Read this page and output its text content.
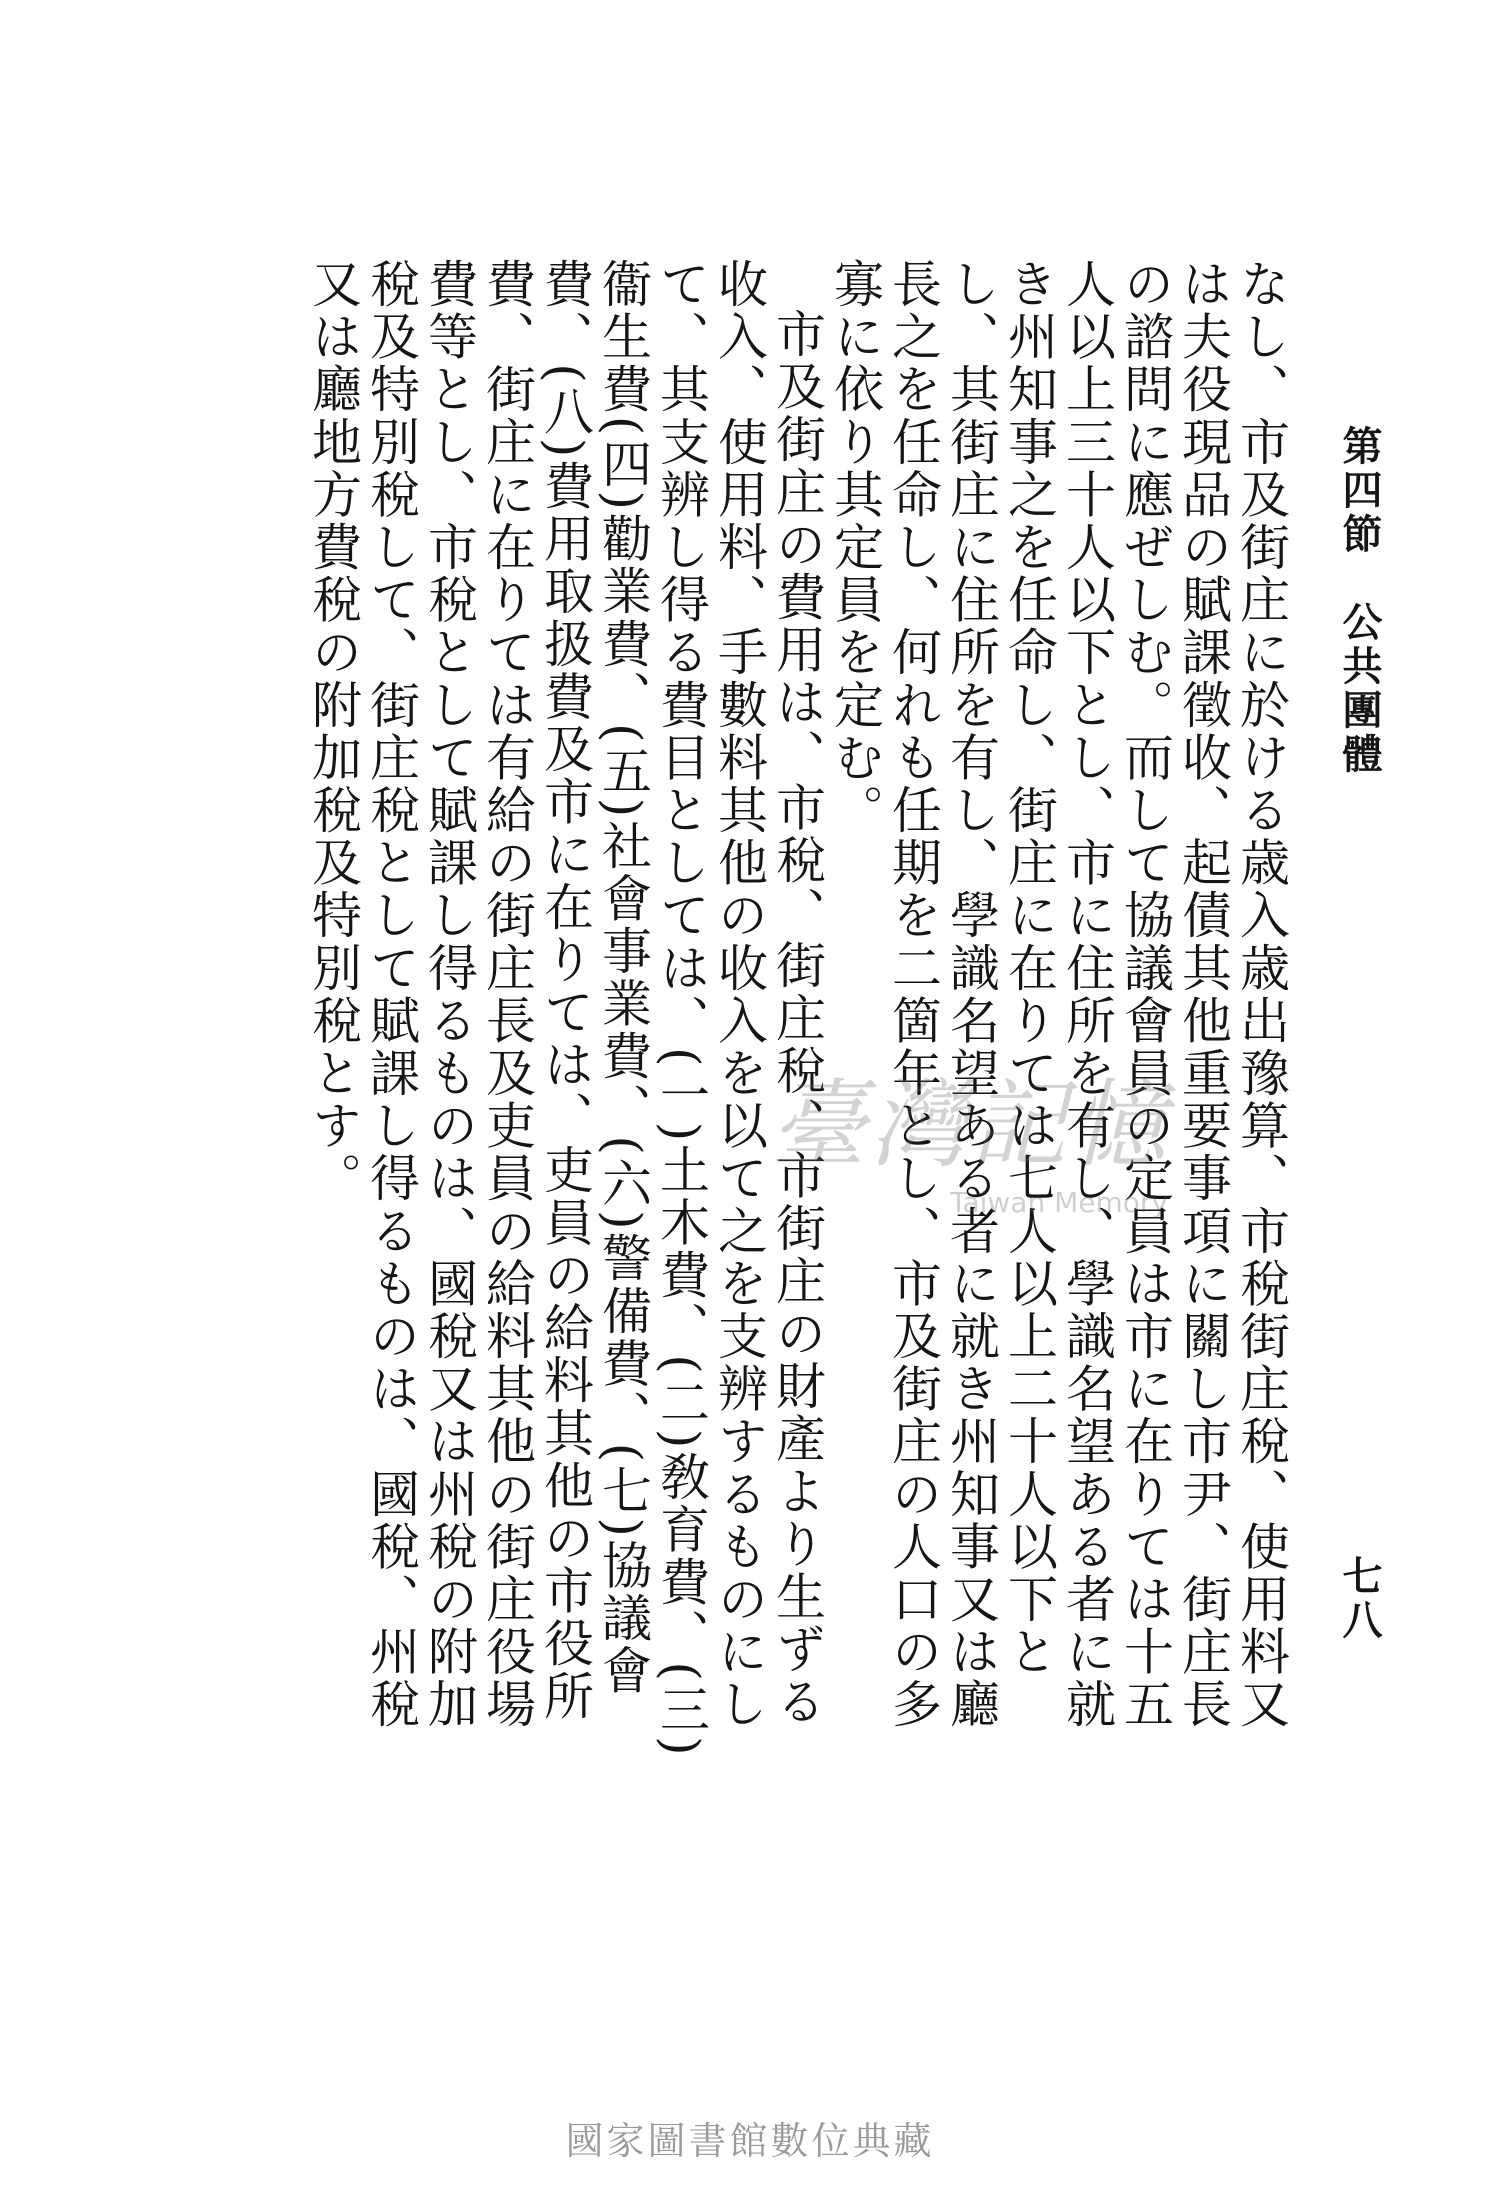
第四節　公共團體
七八

なし、市及街庄に於ける歳入歳出豫算、市稅街庄稅、使用料又は夫役現品の賦課徵收、起債其他重要事項に關し市尹、街庄長の諮問に應ぜしむ。而して協議會員の定員は市に在りては十五人以上三十人以下とし、市に住所を有し、學識名望ある者に就き州知事之を任命し、街庄に在りては七人以上二十人以下とし、其街庄に住所を有し、學識名望ある者に就き州知事又は廳長之を任命し、何れも任期を二箇年とし、市及街庄の人口の多寡に依り其定員を定む。

市及街庄の費用は、市稅、街庄稅、市街庄の財產より生ずる收入、使用料、手數料其他の收入を以て之を支辨するものにして、其支辨し得る費目としては、(一)土木費、(二)敎育費、(三)衞生費(四)勸業費、(五)社會事業費、(六)警備費、(七)協議會費、(八)費用取扱費及市に在りては、吏員の給料其他の市役所費、街庄に在りては有給の街庄長及吏員の給料其他の街庄役場費等とし、市稅として賦課し得るものは、國稅又は州稅の附加稅及特別稅して、街庄稅として賦課し得るものは、國稅、州稅又は廳地方費稅の附加稅及特別稅とす。	臺灣記憶
Taiwan Memory
國家圖書館數位典藏
